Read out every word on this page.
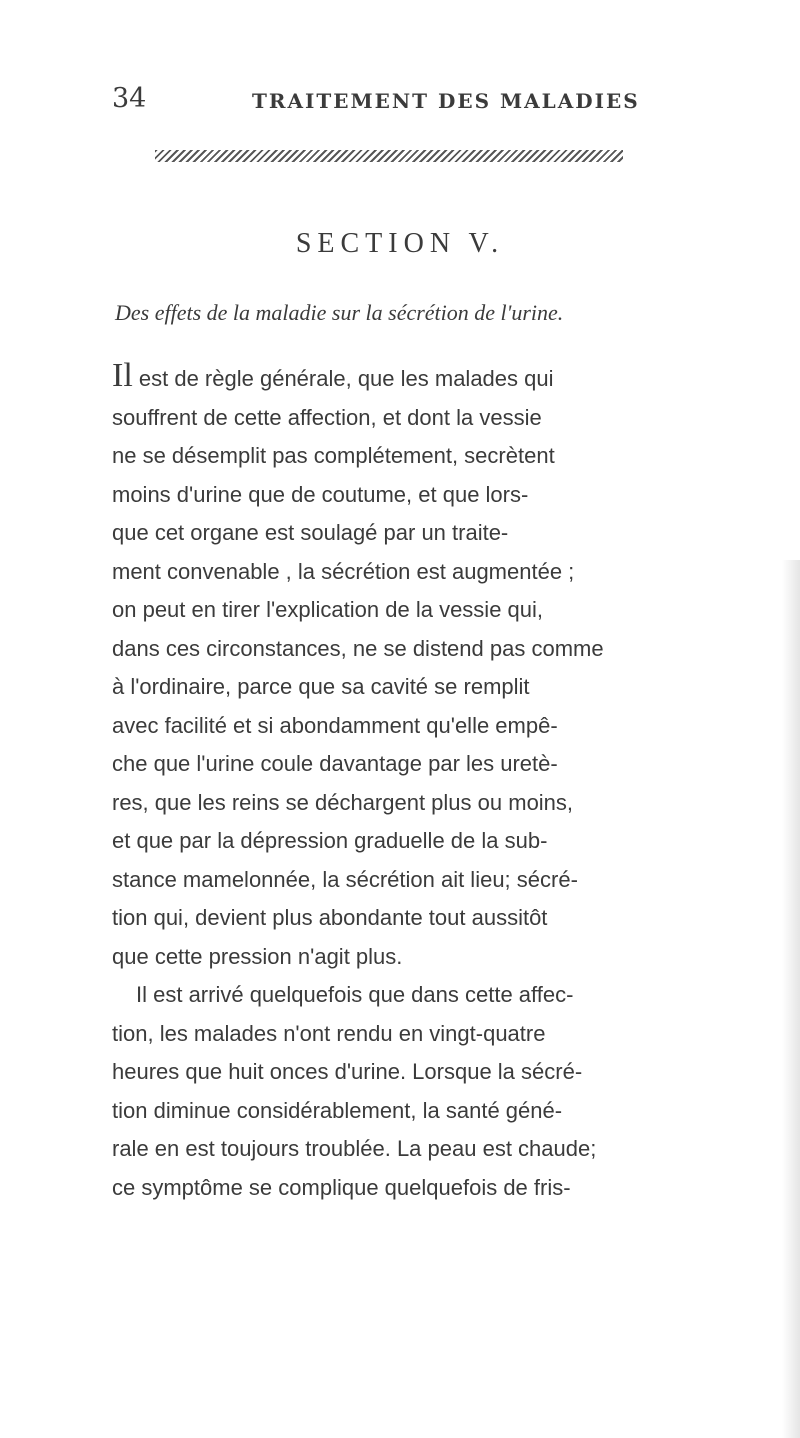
34	TRAITEMENT DES MALADIES
SECTION V.
Des effets de la maladie sur la sécrétion de l'urine.
Il est de règle générale, que les malades qui
souffrent de cette affection, et dont la vessie
ne se désemplit pas complétement, secrètent
moins d'urine que de coutume, et que lors-
que cet organe est soulagé par un traite-
ment convenable , la sécrétion est augmentée ;
on peut en tirer l'explication de la vessie qui,
dans ces circonstances, ne se distend pas comme
à l'ordinaire, parce que sa cavité se remplit
avec facilité et si abondamment qu'elle empê-
che que l'urine coule davantage par les uretè-
res, que les reins se déchargent plus ou moins,
et que par la dépression graduelle de la sub-
stance mamelonnée, la sécrétion ait lieu; sécré-
tion qui, devient plus abondante tout aussitôt
que cette pression n'agit plus.
Il est arrivé quelquefois que dans cette affec-
tion, les malades n'ont rendu en vingt-quatre
heures que huit onces d'urine. Lorsque la sécré-
tion diminue considérablement, la santé géné-
rale en est toujours troublée. La peau est chaude;
ce symptôme se complique quelquefois de fris-
